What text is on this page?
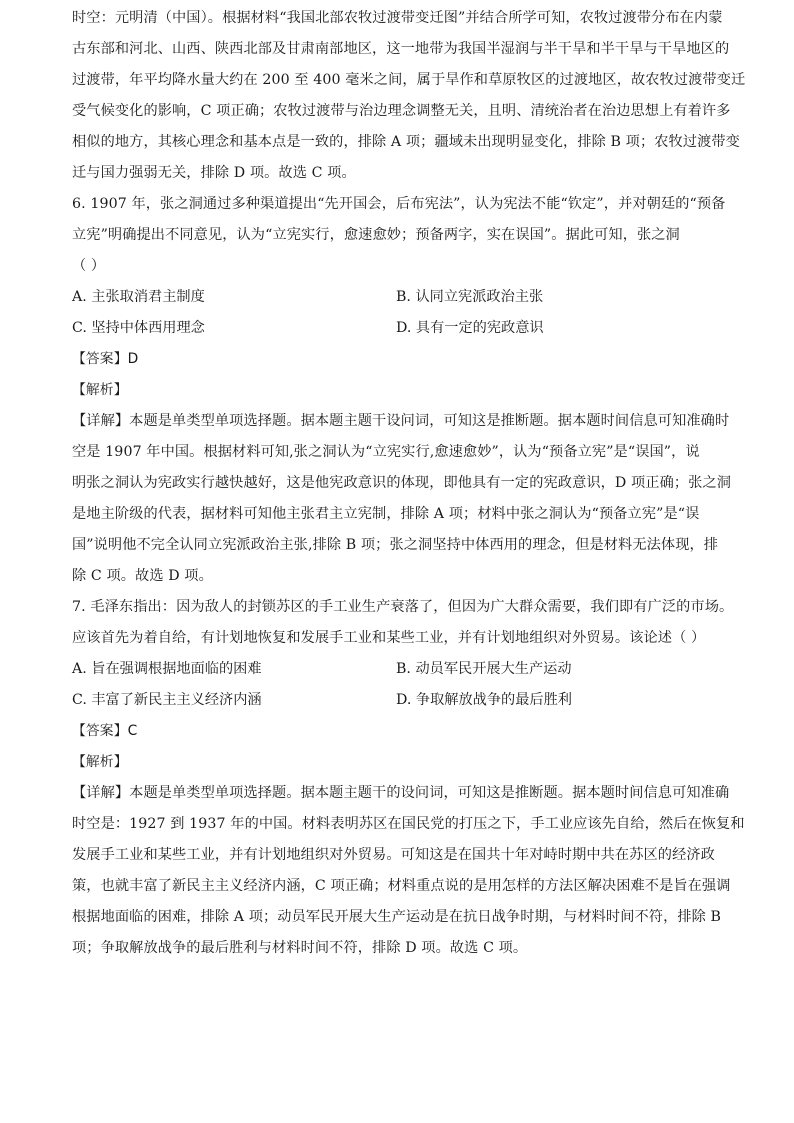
时空：元明清（中国）。根据材料“我国北部农牧过渡带变迁图”并结合所学可知，农牧过渡带分布在内蒙
古东部和河北、山西、陕西北部及甘肃南部地区，这一地带为我国半湿润与半干旱和半干旱与干旱地区的
过渡带，年平均降水量大约在 200 至 400 毫米之间，属于旱作和草原牧区的过渡地区，故农牧过渡带变迁
受气候变化的影响，C 项正确；农牧过渡带与治边理念调整无关，且明、清统治者在治边思想上有着许多
相似的地方，其核心理念和基本点是一致的，排除 A 项；疆域未出现明显变化，排除 B 项；农牧过渡带变
迁与国力强弱无关，排除 D 项。故选 C 项。
6. 1907 年，张之洞通过多种渠道提出“先开国会，后布宪法”，认为宪法不能“钦定”，并对朝廷的“预备
立宪”明确提出不同意见，认为“立宪实行，愈速愈妙；预备两字，实在误国”。据此可知，张之洞
（ ）
A. 主张取消君主制度	B. 认同立宪派政治主张
C. 坚持中体西用理念	D. 具有一定的宪政意识
【答案】D
【解析】
【详解】本题是单类型单项选择题。据本题主题干设问词，可知这是推断题。据本题时间信息可知准确时
空是 1907 年中国。根据材料可知,张之洞认为“立宪实行,愈速愈妙”，认为“预备立宪”是“误国”，说
明张之洞认为宪政实行越快越好，这是他宪政意识的体现，即他具有一定的宪政意识，D 项正确；张之洞
是地主阶级的代表，据材料可知他主张君主立宪制，排除 A 项；材料中张之洞认为“预备立宪”是“误
国”说明他不完全认同立宪派政治主张,排除 B 项；张之洞坚持中体西用的理念，但是材料无法体现，排
除 C 项。故选 D 项。
7. 毛泽东指出：因为敌人的封锁苏区的手工业生产衰落了，但因为广大群众需要，我们即有广泛的市场。
应该首先为着自给，有计划地恢复和发展手工业和某些工业，并有计划地组织对外贸易。该论述（ ）
A. 旨在强调根据地面临的困难	B. 动员军民开展大生产运动
C. 丰富了新民主主义经济内涵	D. 争取解放战争的最后胜利
【答案】C
【解析】
【详解】本题是单类型单项选择题。据本题主题干的设问词，可知这是推断题。据本题时间信息可知准确
时空是：1927 到 1937 年的中国。材料表明苏区在国民党的打压之下，手工业应该先自给，然后在恢复和
发展手工业和某些工业，并有计划地组织对外贸易。可知这是在国共十年对峙时期中共在苏区的经济政
策，也就丰富了新民主主义经济内涵，C 项正确；材料重点说的是用怎样的方法区解决困难不是旨在强调
根据地面临的困难，排除 A 项；动员军民开展大生产运动是在抗日战争时期，与材料时间不符，排除 B
项；争取解放战争的最后胜利与材料时间不符，排除 D 项。故选 C 项。
